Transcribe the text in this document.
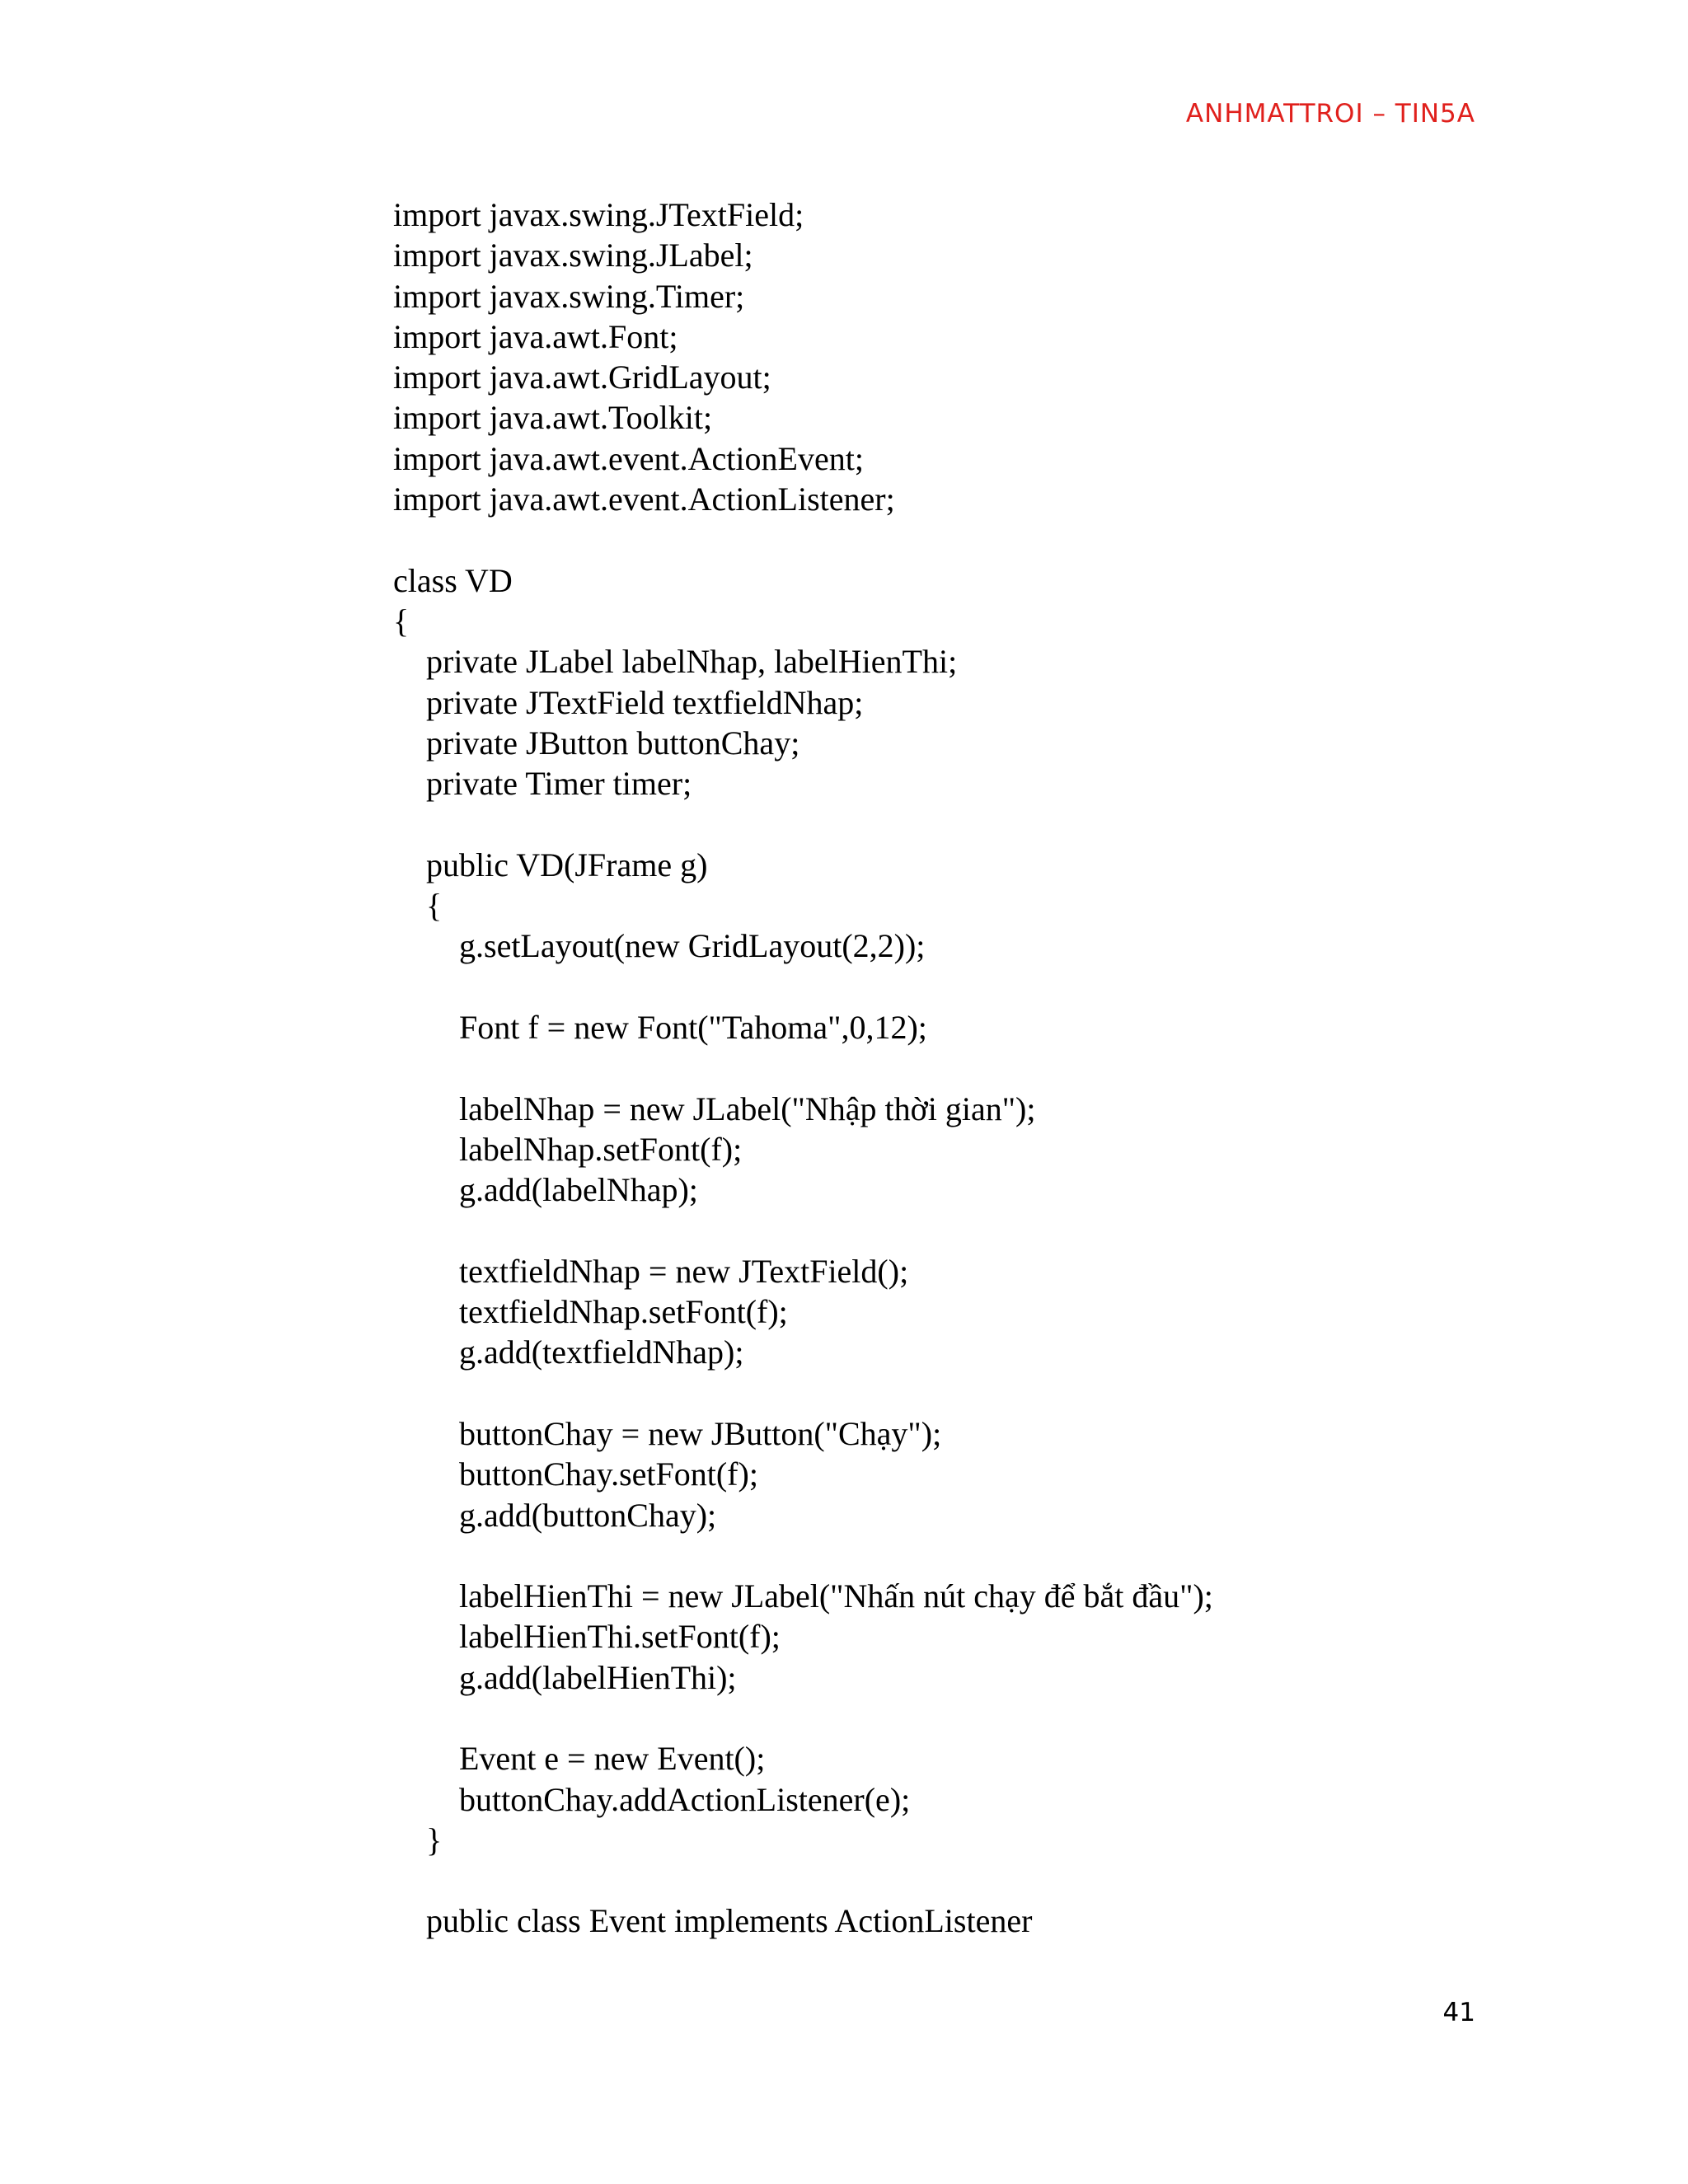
ANHMATTROI – TIN5A
import javax.swing.JTextField;
import javax.swing.JLabel;
import javax.swing.Timer;
import java.awt.Font;
import java.awt.GridLayout;
import java.awt.Toolkit;
import java.awt.event.ActionEvent;
import java.awt.event.ActionListener;
class VD
{
private JLabel labelNhap, labelHienThi;
private JTextField textfieldNhap;
private JButton buttonChay;
private Timer timer;
public VD(JFrame g)
{
g.setLayout(new GridLayout(2,2));
Font f = new Font("Tahoma",0,12);
labelNhap = new JLabel("Nhập thời gian");
labelNhap.setFont(f);
g.add(labelNhap);
textfieldNhap = new JTextField();
textfieldNhap.setFont(f);
g.add(textfieldNhap);
buttonChay = new JButton("Chạy");
buttonChay.setFont(f);
g.add(buttonChay);
labelHienThi = new JLabel("Nhấn nút chạy để bắt đầu");
labelHienThi.setFont(f);
g.add(labelHienThi);
Event e = new Event();
buttonChay.addActionListener(e);
}
public class Event implements ActionListener
41
